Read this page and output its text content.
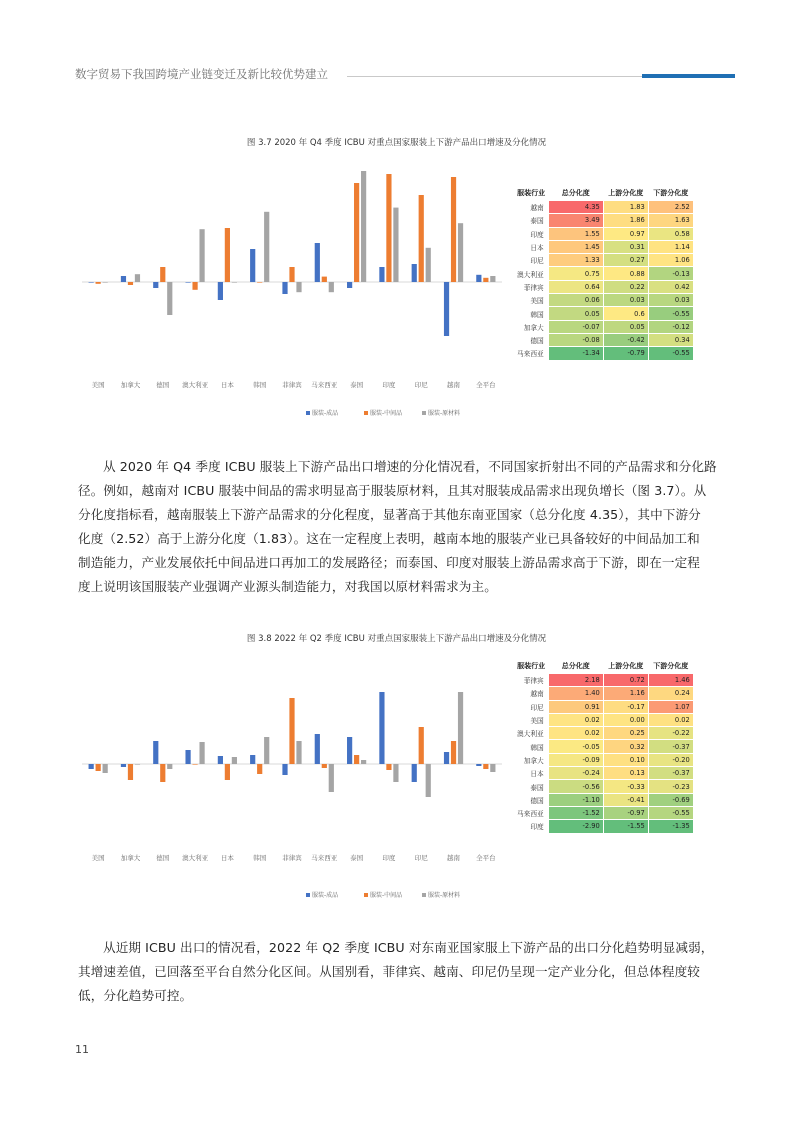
数字贸易下我国跨境产业链变迁及新比较优势建立
图 3.7 2020 年 Q4 季度 ICBU 对重点国家服装上下游产品出口增速及分化情况
美国 加拿大 德国 澳大利亚 日本	韩国 菲律宾 马来西亚 泰国	印度	印尼	越南 全平台
服装-成品	服装-中间品	服装-原材料
服装行业	总分化度	上游分化度	下游分化度
越南	4.35	1.83	2.52
泰国	3.49	1.86	1.63
印度	1.55	0.97	0.58
日本	1.45	0.31	1.14
印尼	1.33	0.27	1.06
澳大利亚	0.75	0.88	-0.13
菲律宾	0.64	0.22	0.42
美国	0.06	0.03	0.03
韩国	0.05	0.6	-0.55
加拿大	-0.07	0.05	-0.12
德国	-0.08	-0.42	0.34
马来西亚	-1.34	-0.79	-0.55

从 2020 年 Q4 季度 ICBU 服装上下游产品出口增速的分化情况看，不同国家折射出不同的产品需求和分化路

径。例如，越南对 ICBU 服装中间品的需求明显高于服装原材料，且其对服装成品需求出现负增长（图 3.7）。从

分化度指标看，越南服装上下游产品需求的分化程度，显著高于其他东南亚国家（总分化度 4.35），其中下游分

化度（2.52）高于上游分化度（1.83）。这在一定程度上表明，越南本地的服装产业已具备较好的中间品加工和

制造能力，产业发展依托中间品进口再加工的发展路径；而泰国、印度对服装上游品需求高于下游，即在一定程

度上说明该国服装产业强调产业源头制造能力，对我国以原材料需求为主。

图 3.8 2022 年 Q2 季度 ICBU 对重点国家服装上下游产品出口增速及分化情况
美国 加拿大 德国 澳大利亚 日本	韩国 菲律宾 马来西亚 泰国	印度	印尼	越南 全平台
服装-成品	服装-中间品	服装-原材料
服装行业	总分化度	上游分化度	下游分化度
菲律宾	2.18	0.72	1.46
越南	1.40	1.16	0.24
印尼	0.91	-0.17	1.07
美国	0.02	0.00	0.02
澳大利亚	0.02	0.25	-0.22
韩国	-0.05	0.32	-0.37
加拿大	-0.09	0.10	-0.20
日本	-0.24	0.13	-0.37
泰国	-0.56	-0.33	-0.23
德国	-1.10	-0.41	-0.69
马来西亚	-1.52	-0.97	-0.55
印度	-2.90	-1.55	-1.35

从近期 ICBU 出口的情况看，2022 年 Q2 季度 ICBU 对东南亚国家服上下游产品的出口分化趋势明显减弱，

其增速差值，已回落至平台自然分化区间。从国别看，菲律宾、越南、印尼仍呈现一定产业分化，但总体程度较

低，分化趋势可控。

11
